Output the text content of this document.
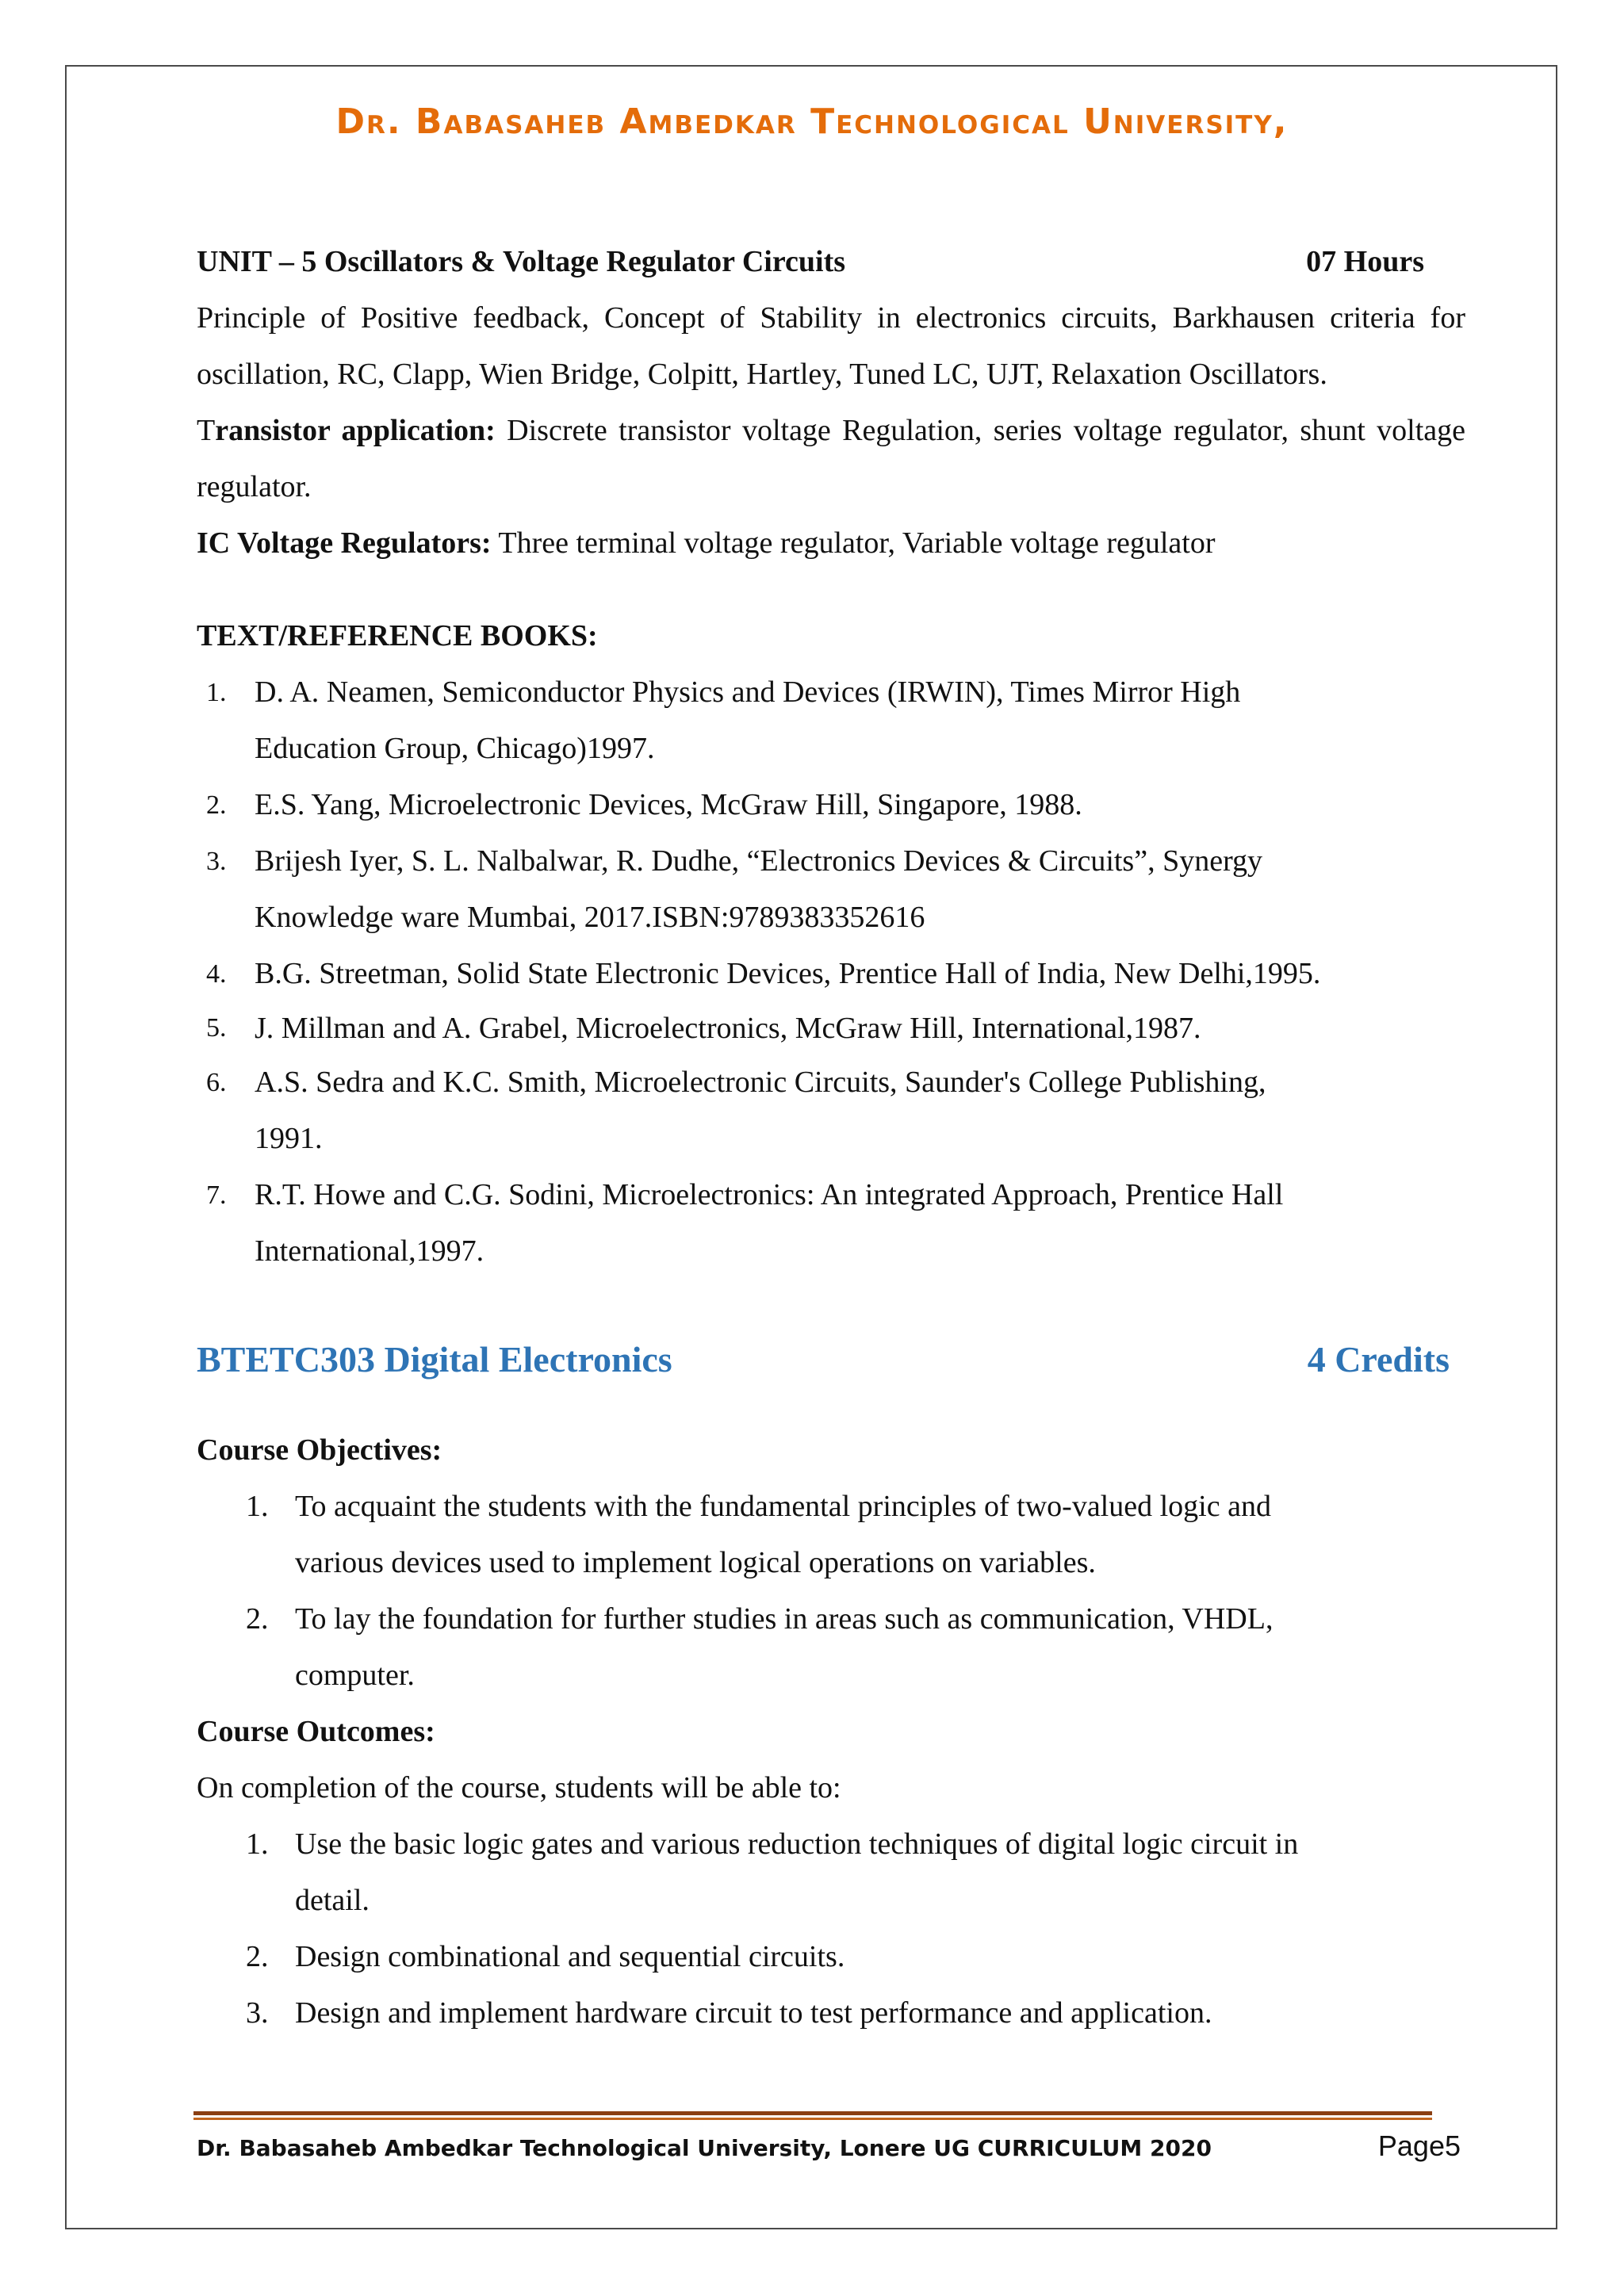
Dr. Babasaheb Ambedkar Technological University,
UNIT – 5 Oscillators & Voltage Regulator Circuits	07 Hours
Principle of Positive feedback, Concept of Stability in electronics circuits, Barkhausen criteria for oscillation, RC, Clapp, Wien Bridge, Colpitt, Hartley, Tuned LC, UJT, Relaxation Oscillators.
Transistor application: Discrete transistor voltage Regulation, series voltage regulator, shunt voltage regulator.
IC Voltage Regulators: Three terminal voltage regulator, Variable voltage regulator
TEXT/REFERENCE BOOKS:
1. D. A. Neamen, Semiconductor Physics and Devices (IRWIN), Times Mirror High
Education Group, Chicago)1997.
2. E.S. Yang, Microelectronic Devices, McGraw Hill, Singapore, 1988.
3. Brijesh Iyer, S. L. Nalbalwar, R. Dudhe, “Electronics Devices & Circuits”, Synergy
Knowledge ware Mumbai, 2017.ISBN:9789383352616
4. B.G. Streetman, Solid State Electronic Devices, Prentice Hall of India, New Delhi,1995.
5. J. Millman and A. Grabel, Microelectronics, McGraw Hill, International,1987.
6. A.S. Sedra and K.C. Smith, Microelectronic Circuits, Saunder's College Publishing,
1991.
7. R.T. Howe and C.G. Sodini, Microelectronics: An integrated Approach, Prentice Hall
International,1997.
BTETC303 Digital Electronics	4 Credits
Course Objectives:
1. To acquaint the students with the fundamental principles of two-valued logic and
various devices used to implement logical operations on variables.
2. To lay the foundation for further studies in areas such as communication, VHDL,
computer.
Course Outcomes:
On completion of the course, students will be able to:
1. Use the basic logic gates and various reduction techniques of digital logic circuit in
detail.
2. Design combinational and sequential circuits.
3. Design and implement hardware circuit to test performance and application.
Dr. Babasaheb Ambedkar Technological University, Lonere UG CURRICULUM 2020	Page5
